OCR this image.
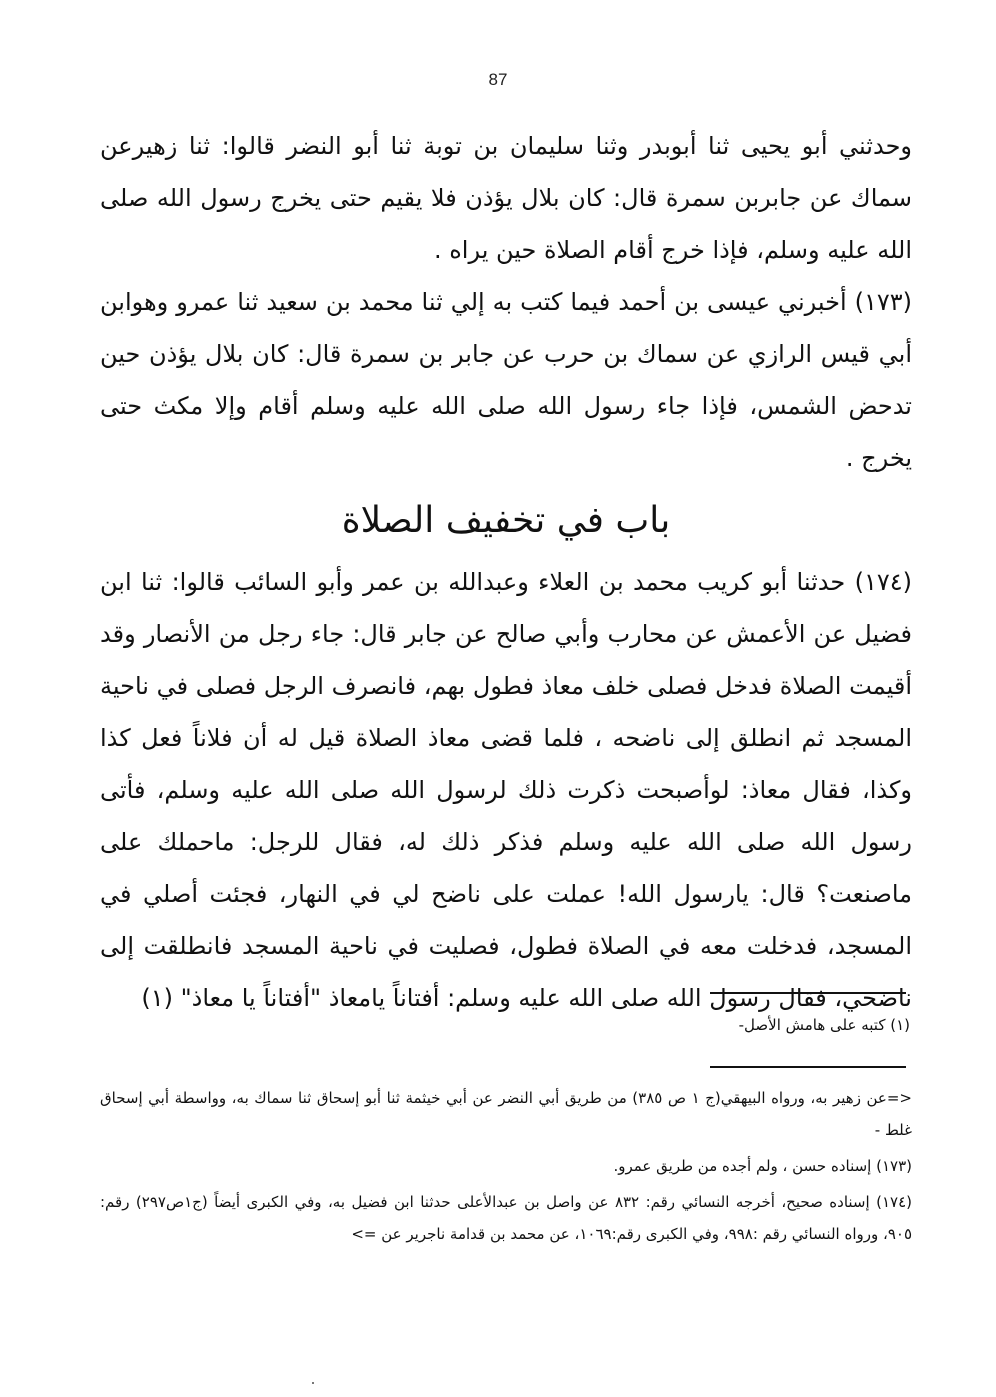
87

وحدثني أبو يحيى ثنا أبوبدر وثنا سليمان بن توبة ثنا أبو النضر قالوا: ثنا زهيرعن سماك عن جابربن سمرة قال: كان بلال يؤذن فلا يقيم حتى يخرج رسول الله صلى الله عليه وسلم، فإذا خرج أقام الصلاة حين يراه .

(١٧٣) أخبرني عيسى بن أحمد فيما كتب به إلي ثنا محمد بن سعيد ثنا عمرو وهوابن أبي قيس الرازي عن سماك بن حرب عن جابر بن سمرة قال: كان بلال يؤذن حين تدحض الشمس، فإذا جاء رسول الله صلى الله عليه وسلم أقام وإلا مكث حتى يخرج .

باب في تخفيف الصلاة

(١٧٤) حدثنا أبو كريب محمد بن العلاء وعبدالله بن عمر وأبو السائب قالوا: ثنا ابن فضيل عن الأعمش عن محارب وأبي صالح عن جابر قال: جاء رجل من الأنصار وقد أقيمت الصلاة فدخل فصلى خلف معاذ فطول بهم، فانصرف الرجل فصلى في ناحية المسجد ثم انطلق إلى ناضحه ، فلما قضى معاذ الصلاة قيل له أن فلاناً فعل كذا وكذا، فقال معاذ: لوأصبحت ذكرت ذلك لرسول الله صلى الله عليه وسلم، فأتى رسول الله صلى الله عليه وسلم فذكر ذلك له، فقال للرجل: ماحملك على ماصنعت؟ قال: يارسول الله! عملت على ناضح لي في النهار، فجئت أصلي في المسجد، فدخلت معه في الصلاة فطول، فصليت في ناحية المسجد فانطلقت إلى ناضحي، فقال رسول الله صلى الله عليه وسلم: أفتاناً يامعاذ "أفتاناً يا معاذ" (١)

(١) كتبه على هامش الأصل-

<=عن زهير به، ورواه البيهقي(ج ١ ص ٣٨٥) من طريق أبي النضر عن أبي خيثمة ثنا أبو إسحاق ثنا سماك به، وواسطة أبي إسحاق غلط -

(١٧٣) إسناده حسن ، ولم أجده من طريق عمرو.

(١٧٤) إسناده صحيح، أخرجه النسائي رقم: ٨٣٢ عن واصل بن عبدالأعلى حدثنا ابن فضيل به، وفي الكبرى أيضاً (ج١ص٢٩٧) رقم: ٩٠٥، ورواه النسائي رقم :٩٩٨، وفي الكبرى رقم:١٠٦٩، عن محمد بن قدامة ناجرير عن =>
